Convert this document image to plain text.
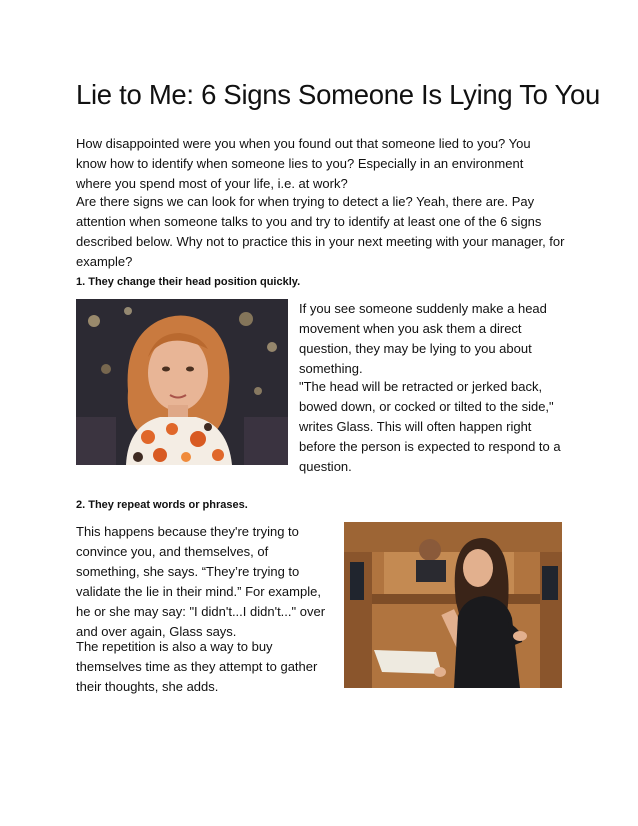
Lie to Me: 6 Signs Someone Is Lying To You

How disappointed were you when you found out that someone lied to you? You know how to identify when someone lies to you? Especially in an environment where you spend most of your life, i.e. at work?

Are there signs we can look for when trying to detect a lie? Yeah, there are. Pay attention when someone talks to you and try to identify at least one of the 6 signs described below. Why not to practice this in your next meeting with your manager, for example?

1. They change their head position quickly.

If you see someone suddenly make a head movement when you ask them a direct question, they may be lying to you about something.

"The head will be retracted or jerked back, bowed down, or cocked or tilted to the side," writes Glass. This will often happen right before the person is expected to respond to a question.

2. They repeat words or phrases.

This happens because they're trying to convince you, and themselves, of something, she says. “They’re trying to validate the lie in their mind.” For example, he or she may say: "I didn't...I didn't..." over and over again, Glass says.

The repetition is also a way to buy themselves time as they attempt to gather their thoughts, she adds.
